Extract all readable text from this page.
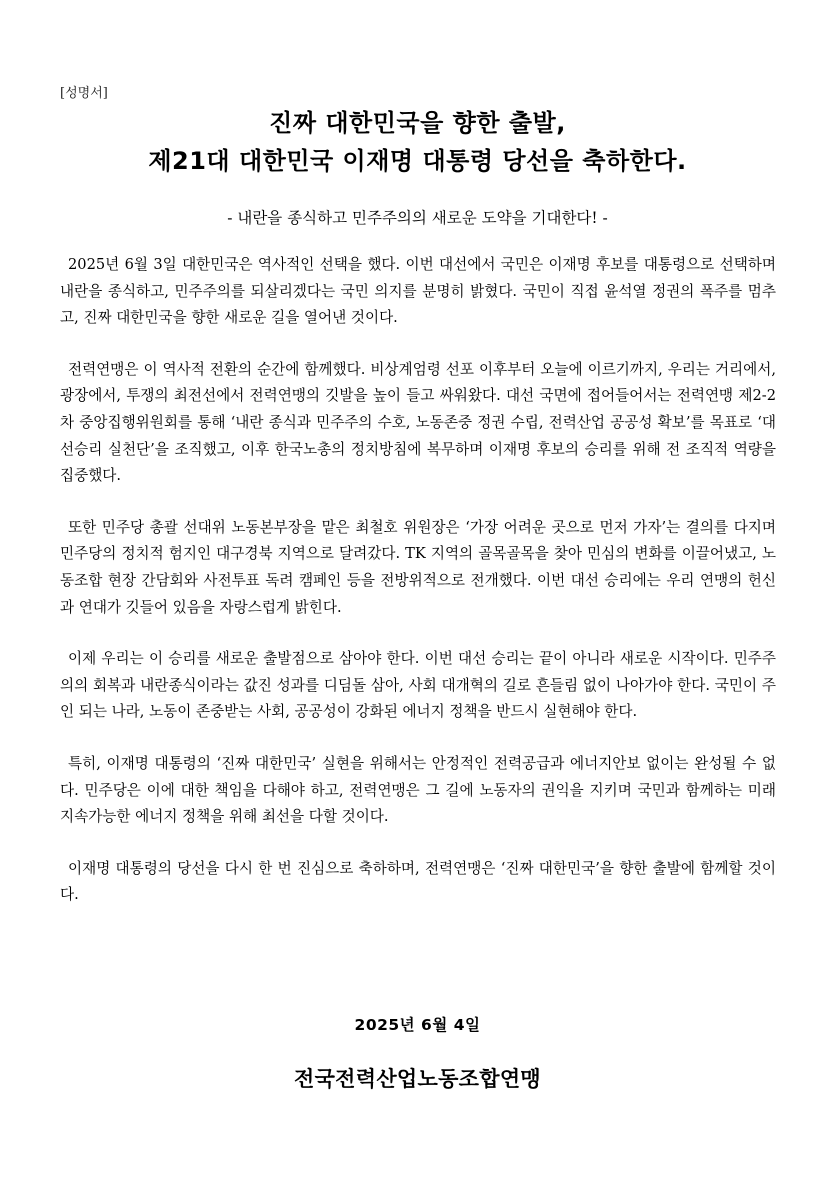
[성명서]
진짜 대한민국을 향한 출발,
제21대 대한민국 이재명 대통령 당선을 축하한다.
- 내란을 종식하고 민주주의의 새로운 도약을 기대한다! -

2025년 6월 3일 대한민국은 역사적인 선택을 했다. 이번 대선에서 국민은 이재명 후보를 대통령으로 선택하며 내란을 종식하고, 민주주의를 되살리겠다는 국민 의지를 분명히 밝혔다. 국민이 직접 윤석열 정권의 폭주를 멈추고, 진짜 대한민국을 향한 새로운 길을 열어낸 것이다.

전력연맹은 이 역사적 전환의 순간에 함께했다. 비상계엄령 선포 이후부터 오늘에 이르기까지, 우리는 거리에서, 광장에서, 투쟁의 최전선에서 전력연맹의 깃발을 높이 들고 싸워왔다. 대선 국면에 접어들어서는 전력연맹 제2-2차 중앙집행위원회를 통해 ‘내란 종식과 민주주의 수호, 노동존중 정권 수립, 전력산업 공공성 확보’를 목표로 ‘대선승리 실천단’을 조직했고, 이후 한국노총의 정치방침에 복무하며 이재명 후보의 승리를 위해 전 조직적 역량을 집중했다.

또한 민주당 총괄 선대위 노동본부장을 맡은 최철호 위원장은 ‘가장 어려운 곳으로 먼저 가자’는 결의를 다지며 민주당의 정치적 험지인 대구경북 지역으로 달려갔다. TK 지역의 골목골목을 찾아 민심의 변화를 이끌어냈고, 노동조합 현장 간담회와 사전투표 독려 캠페인 등을 전방위적으로 전개했다. 이번 대선 승리에는 우리 연맹의 헌신과 연대가 깃들어 있음을 자랑스럽게 밝힌다.

이제 우리는 이 승리를 새로운 출발점으로 삼아야 한다. 이번 대선 승리는 끝이 아니라 새로운 시작이다. 민주주의의 회복과 내란종식이라는 값진 성과를 디딤돌 삼아, 사회 대개혁의 길로 흔들림 없이 나아가야 한다. 국민이 주인 되는 나라, 노동이 존중받는 사회, 공공성이 강화된 에너지 정책을 반드시 실현해야 한다.

특히, 이재명 대통령의 ‘진짜 대한민국’ 실현을 위해서는 안정적인 전력공급과 에너지안보 없이는 완성될 수 없다. 민주당은 이에 대한 책임을 다해야 하고, 전력연맹은 그 길에 노동자의 권익을 지키며 국민과 함께하는 미래 지속가능한 에너지 정책을 위해 최선을 다할 것이다.

이재명 대통령의 당선을 다시 한 번 진심으로 축하하며, 전력연맹은 ‘진짜 대한민국’을 향한 출발에 함께할 것이다.

2025년 6월 4일
전국전력산업노동조합연맹
